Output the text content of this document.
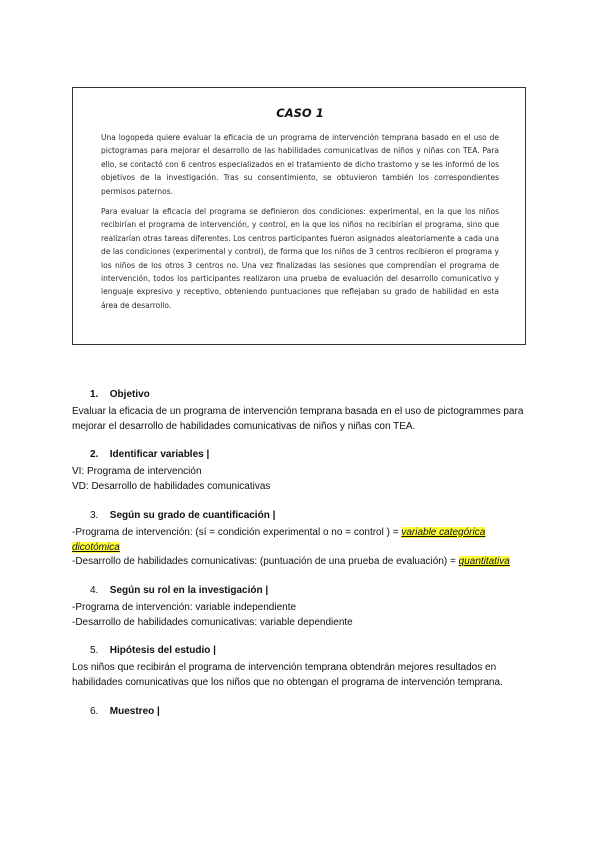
CASO 1

Una logopeda quiere evaluar la eficacia de un programa de intervención temprana basado en el uso de pictogramas para mejorar el desarrollo de las habilidades comunicativas de niños y niñas con TEA. Para ello, se contactó con 6 centros especializados en el tratamiento de dicho trastorno y se les informó de los objetivos de la investigación. Tras su consentimiento, se obtuvieron también los correspondientes permisos paternos.

Para evaluar la eficacia del programa se definieron dos condiciones: experimental, en la que los niños recibirían el programa de intervención, y control, en la que los niños no recibirían el programa, sino que realizarían otras tareas diferentes. Los centros participantes fueron asignados aleatoriamente a cada una de las condiciones (experimental y control), de forma que los niños de 3 centros recibieron el programa y los niños de los otros 3 centros no. Una vez finalizadas las sesiones que comprendían el programa de intervención, todos los participantes realizaron una prueba de evaluación del desarrollo comunicativo y lenguaje expresivo y receptivo, obteniendo puntuaciones que reflejaban su grado de habilidad en esta área de desarrollo.

1. Objetivo

Evaluar la eficacia de un programa de intervención temprana basada en el uso de pictogrammes para mejorar el desarrollo de habilidades comunicativas de niños y niñas con TEA.

2. Identificar variables |

VI: Programa de intervención

VD: Desarrollo de habilidades comunicativas

3. Según su grado de cuantificación |

-Programa de intervención: (sí = condición experimental o no = control ) = variable categórica dicotómica

-Desarrollo de habilidades comunicativas: (puntuación de una prueba de evaluación) = quantitativa

4. Según su rol en la investigación |

-Programa de intervención: variable independiente

-Desarrollo de habilidades comunicativas: variable dependiente

5. Hipótesis del estudio |

Los niños que recibirán el programa de intervención temprana obtendrán mejores resultados en habilidades comunicativas que los niños que no obtengan el programa de intervención temprana.

6. Muestreo |
